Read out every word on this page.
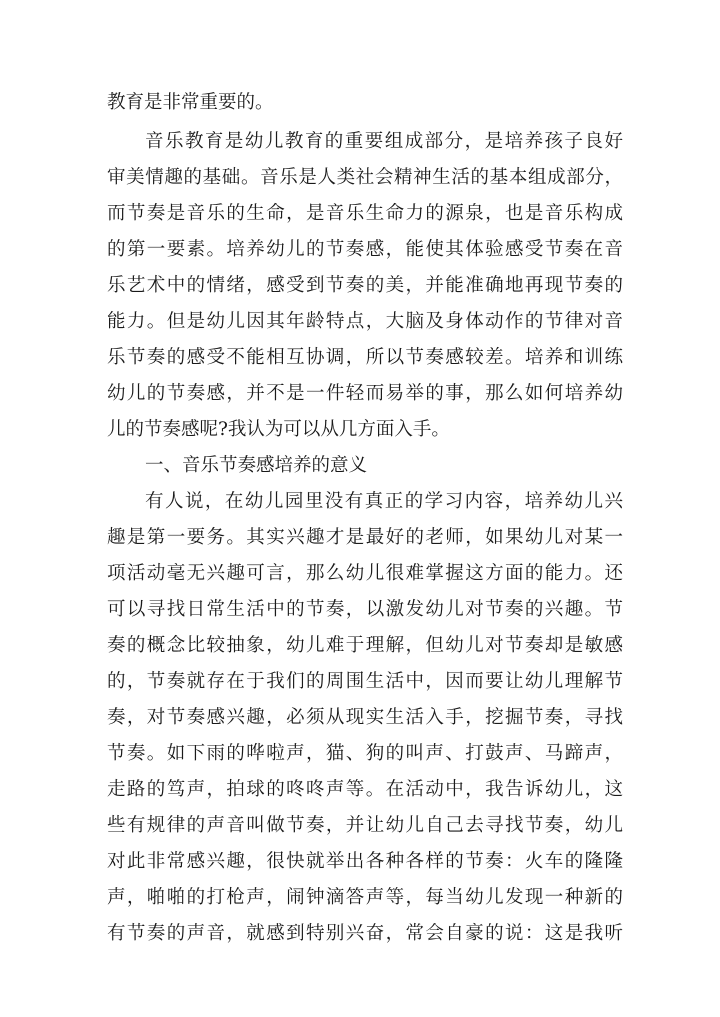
教育是非常重要的。
音乐教育是幼儿教育的重要组成部分，是培养孩子良好
审美情趣的基础。音乐是人类社会精神生活的基本组成部分，
而节奏是音乐的生命，是音乐生命力的源泉，也是音乐构成
的第一要素。培养幼儿的节奏感，能使其体验感受节奏在音
乐艺术中的情绪，感受到节奏的美，并能准确地再现节奏的
能力。但是幼儿因其年龄特点，大脑及身体动作的节律对音
乐节奏的感受不能相互协调，所以节奏感较差。培养和训练
幼儿的节奏感，并不是一件轻而易举的事，那么如何培养幼
儿的节奏感呢?我认为可以从几方面入手。
一、音乐节奏感培养的意义
有人说，在幼儿园里没有真正的学习内容，培养幼儿兴
趣是第一要务。其实兴趣才是最好的老师，如果幼儿对某一
项活动毫无兴趣可言，那么幼儿很难掌握这方面的能力。还
可以寻找日常生活中的节奏，以激发幼儿对节奏的兴趣。节
奏的概念比较抽象，幼儿难于理解，但幼儿对节奏却是敏感
的，节奏就存在于我们的周围生活中，因而要让幼儿理解节
奏，对节奏感兴趣，必须从现实生活入手，挖掘节奏，寻找
节奏。如下雨的哗啦声，猫、狗的叫声、打鼓声、马蹄声，
走路的笃声，拍球的咚咚声等。在活动中，我告诉幼儿，这
些有规律的声音叫做节奏，并让幼儿自己去寻找节奏，幼儿
对此非常感兴趣，很快就举出各种各样的节奏：火车的隆隆
声，啪啪的打枪声，闹钟滴答声等，每当幼儿发现一种新的
有节奏的声音，就感到特别兴奋，常会自豪的说：这是我听
